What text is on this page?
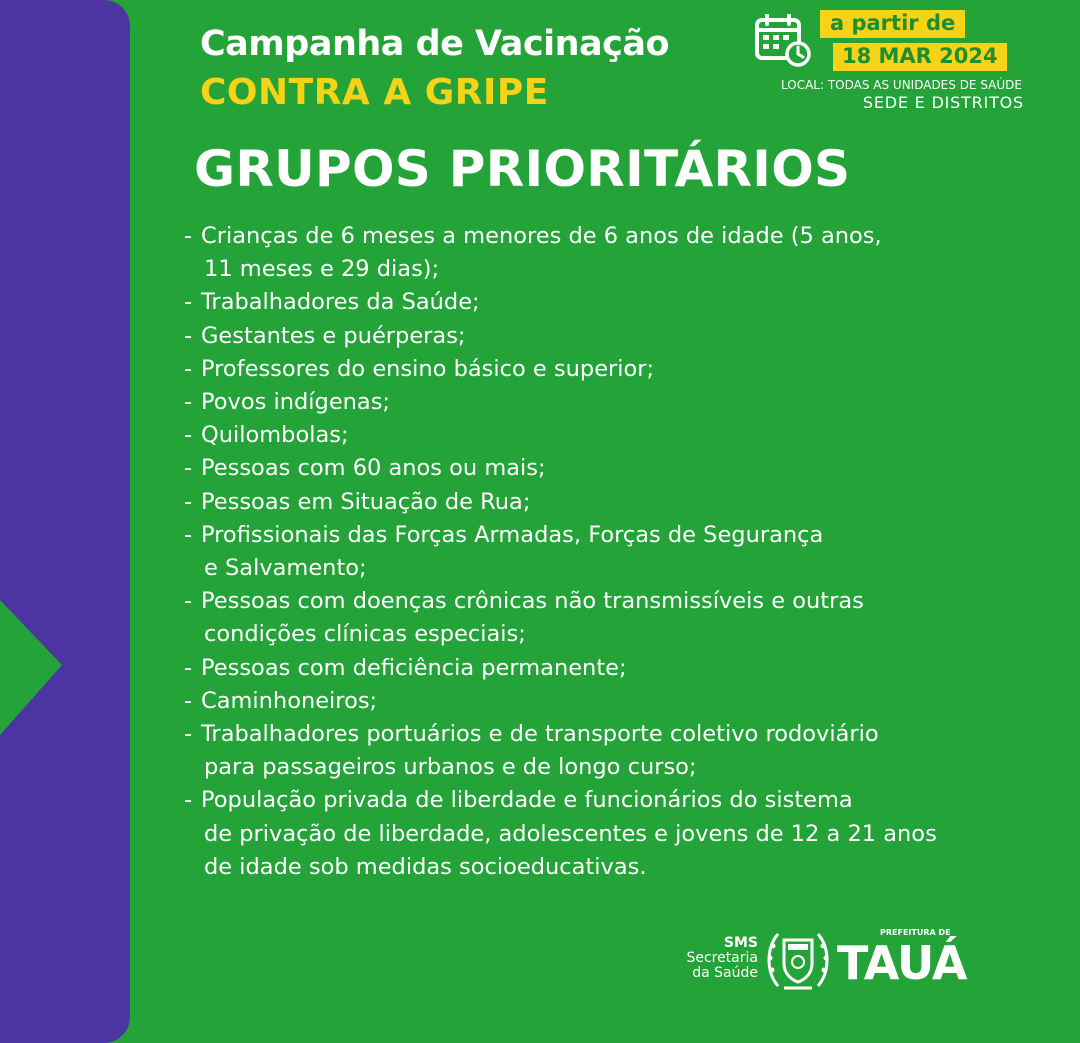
Campanha de Vacinação
CONTRA A GRIPE
a partir de
18 MAR 2024
LOCAL: TODAS AS UNIDADES DE SAÚDE
SEDE E DISTRITOS
GRUPOS PRIORITÁRIOS
- Crianças de 6 meses a menores de 6 anos de idade (5 anos,
11 meses e 29 dias);
- Trabalhadores da Saúde;
- Gestantes e puérperas;
- Professores do ensino básico e superior;
- Povos indígenas;
- Quilombolas;
- Pessoas com 60 anos ou mais;
- Pessoas em Situação de Rua;
- Profissionais das Forças Armadas, Forças de Segurança
e Salvamento;
- Pessoas com doenças crônicas não transmissíveis e outras
condições clínicas especiais;
- Pessoas com deficiência permanente;
- Caminhoneiros;
- Trabalhadores portuários e de transporte coletivo rodoviário
para passageiros urbanos e de longo curso;
- População privada de liberdade e funcionários do sistema
de privação de liberdade, adolescentes e jovens de 12 a 21 anos
de idade sob medidas socioeducativas.
SMS
Secretaria
da Saúde
PREFEITURA DE
TAUÁ
